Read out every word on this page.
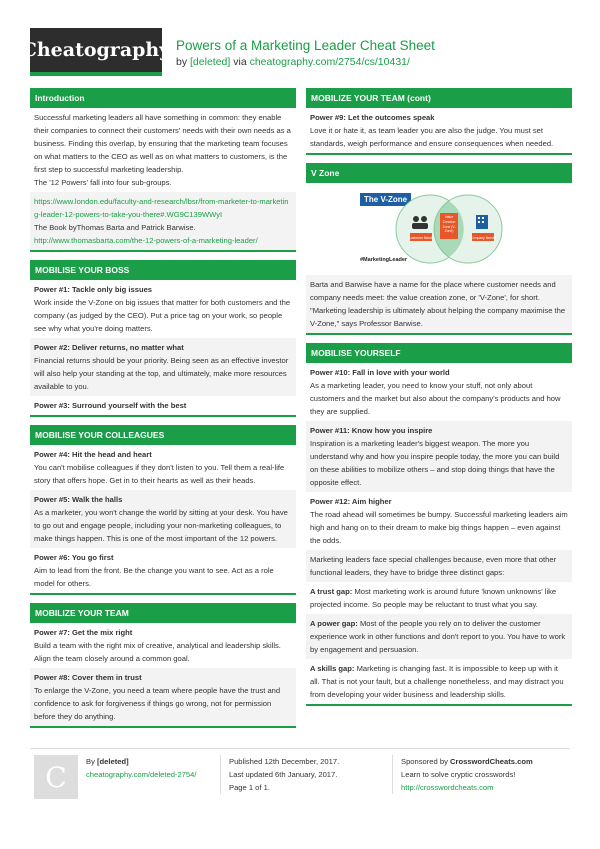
Cheatography Powers of a Marketing Leader Cheat Sheet
by [deleted] via cheatography.com/2754/cs/10431/
Introduction
Successful marketing leaders all have something in common: they enable their companies to connect their customers' needs with their own needs as a business. Finding this overlap, by ensuring that the marketing team focuses on what matters to the CEO as well as on what matters to customers, is the first step to successful marketing leadership.
The '12 Powers' fall into four sub-groups.
https://www.london.edu/faculty-and-research/lbsr/from-marketer-to-marketing-leader-12-powers-to-take-you-there#.WG9C139WWyI
The Book byThomas Barta and Patrick Barwise.
http://www.thomasbarta.com/the-12-powers-of-a-marketing-leader/
MOBILISE YOUR BOSS
Power #1: Tackle only big issues
Work inside the V-Zone on big issues that matter for both customers and the company (as judged by the CEO). Put a price tag on your work, so people see why what you're doing matters.
Power #2: Deliver returns, no matter what
Financial returns should be your priority. Being seen as an effective investor will also help your standing at the top, and ultimately, make more resources available to you.
Power #3: Surround yourself with the best
MOBILISE YOUR COLLEAGUES
Power #4: Hit the head and heart
You can't mobilise colleagues if they don't listen to you. Tell them a real-life story that offers hope. Get in to their hearts as well as their heads.
Power #5: Walk the halls
As a marketer, you won't change the world by sitting at your desk. You have to go out and engage people, including your non-marketing colleagues, to make things happen. This is one of the most important of the 12 powers.
Power #6: You go first
Aim to lead from the front. Be the change you want to see. Act as a role model for others.
MOBILIZE YOUR TEAM
Power #7: Get the mix right
Build a team with the right mix of creative, analytical and leadership skills. Align the team closely around a common goal.
Power #8: Cover them in trust
To enlarge the V-Zone, you need a team where people have the trust and confidence to ask for forgiveness if things go wrong, not for permission before they do anything.
MOBILIZE YOUR TEAM (cont)
Power #9: Let the outcomes speak
Love it or hate it, as team leader you are also the judge. You must set standards, weigh performance and ensure consequences when needed.
V Zone
The V-Zone
Customer Needs
Value Creation Zone (V-Zone)
Company Needs
#MarketingLeader
Barta and Barwise have a name for the place where customer needs and company needs meet: the value creation zone, or 'V-Zone', for short. "Marketing leadership is ultimately about helping the company maximise the V-Zone," says Professor Barwise.
MOBILISE YOURSELF
Power #10: Fall in love with your world
As a marketing leader, you need to know your stuff, not only about customers and the market but also about the company's products and how they are supplied.
Power #11: Know how you inspire
Inspiration is a marketing leader's biggest weapon. The more you understand why and how you inspire people today, the more you can build on these abilities to mobilize others – and stop doing things that have the opposite effect.
Power #12: Aim higher
The road ahead will sometimes be bumpy. Successful marketing leaders aim high and hang on to their dream to make big things happen – even against the odds.
Marketing leaders face special challenges because, even more that other functional leaders, they have to bridge three distinct gaps:
A trust gap: Most marketing work is around future 'known unknowns' like projected income. So people may be reluctant to trust what you say.
A power gap: Most of the people you rely on to deliver the customer experience work in other functions and don't report to you. You have to work by engagement and persuasion.
A skills gap: Marketing is changing fast. It is impossible to keep up with it all. That is not your fault, but a challenge nonetheless, and may distract you from developing your wider business and leadership skills.
C	By [deleted]
cheatography.com/deleted-2754/
Published 12th December, 2017.
Last updated 6th January, 2017.
Page 1 of 1.
Sponsored by CrosswordCheats.com
Learn to solve cryptic crosswords!
http://crosswordcheats.com
